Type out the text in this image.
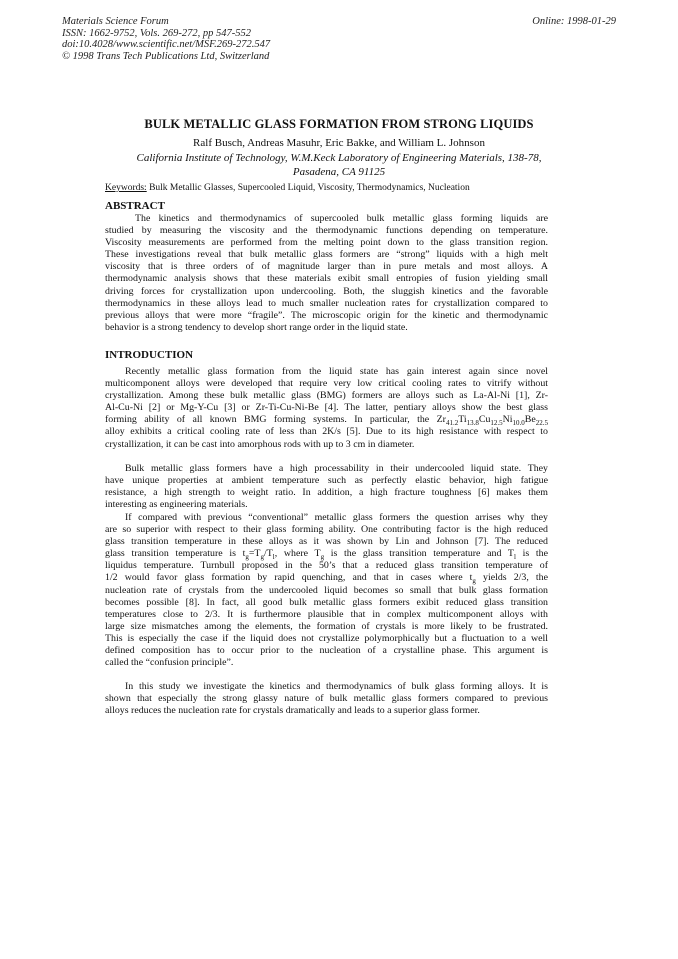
Materials Science Forum
ISSN: 1662-9752, Vols. 269-272, pp 547-552
doi:10.4028/www.scientific.net/MSF.269-272.547
© 1998 Trans Tech Publications Ltd, Switzerland
Online: 1998-01-29
BULK METALLIC GLASS FORMATION FROM STRONG LIQUIDS
Ralf Busch, Andreas Masuhr, Eric Bakke, and William L. Johnson
California Institute of Technology, W.M.Keck Laboratory of Engineering Materials, 138-78,
Pasadena, CA 91125
Keywords: Bulk Metallic Glasses, Supercooled Liquid, Viscosity, Thermodynamics, Nucleation
ABSTRACT
The kinetics and thermodynamics of supercooled bulk metallic glass forming liquids are
studied by measuring the viscosity and the thermodynamic functions depending on temperature.
Viscosity measurements are performed from the melting point down to the glass transition region.
These investigations reveal that bulk metallic glass formers are “strong” liquids with a high melt
viscosity that is three orders of of magnitude larger than in pure metals and most alloys. A
thermodynamic analysis shows that these materials exibit small entropies of fusion yielding small
driving forces for crystallization upon undercooling. Both, the sluggish kinetics and the favorable
thermodynamics in these alloys lead to much smaller nucleation rates for crystallization compared to
previous alloys that were more “fragile”. The microscopic origin for the kinetic and thermodynamic
behavior is a strong tendency to develop short range order in the liquid state.
INTRODUCTION
Recently metallic glass formation from the liquid state has gain interest again since novel
multicomponent alloys were developed that require very low critical cooling rates to vitrify without
crystallization. Among these bulk metallic glass (BMG) formers are alloys such as La-Al-Ni [1], Zr-
Al-Cu-Ni [2] or Mg-Y-Cu [3] or Zr-Ti-Cu-Ni-Be [4]. The latter, pentiary alloys show the best glass
forming ability of all known BMG forming systems. In particular, the $Zr_{41.2}Ti_{13.8}Cu_{12.5}Ni_{10.0}Be_{22.5}$
alloy exhibits a critical cooling rate of less than 2K/s [5]. Due to its high resistance with respect to
crystallization, it can be cast into amorphous rods with up to 3 cm in diameter.
Bulk metallic glass formers have a high processability in their undercooled liquid state. They
have unique properties at ambient temperature such as perfectly elastic behavior, high fatigue
resistance, a high strength to weight ratio. In addition, a high fracture toughness [6] makes them
interesting as engineering materials.
If compared with previous “conventional” metallic glass formers the question arrises why they
are so superior with respect to their glass forming ability. One contributing factor is the high reduced
glass transition temperature in these alloys as it was shown by Lin and Johnson [7]. The reduced
glass transition temperature is $t_g=T_g/T_l$, where $T_g$ is the glass transition temperature and $T_l$ is the
liquidus temperature. Turnbull proposed in the 50’s that a reduced glass transition temperature of
1/2 would favor glass formation by rapid quenching, and that in cases where $t_g$ yields 2/3, the
nucleation rate of crystals from the undercooled liquid becomes so small that bulk glass formation
becomes possible [8]. In fact, all good bulk metallic glass formers exibit reduced glass transition
temperatures close to 2/3. It is furthermore plausible that in complex multicomponent alloys with
large size mismatches among the elements, the formation of crystals is more likely to be frustrated.
This is especially the case if the liquid does not crystallize polymorphically but a fluctuation to a well
defined composition has to occur prior to the nucleation of a crystalline phase. This argument is
called the “confusion principle”.
In this study we investigate the kinetics and thermodynamics of bulk glass forming alloys. It is
shown that especially the strong glassy nature of bulk metallic glass formers compared to previous
alloys reduces the nucleation rate for crystals dramatically and leads to a superior glass former.
